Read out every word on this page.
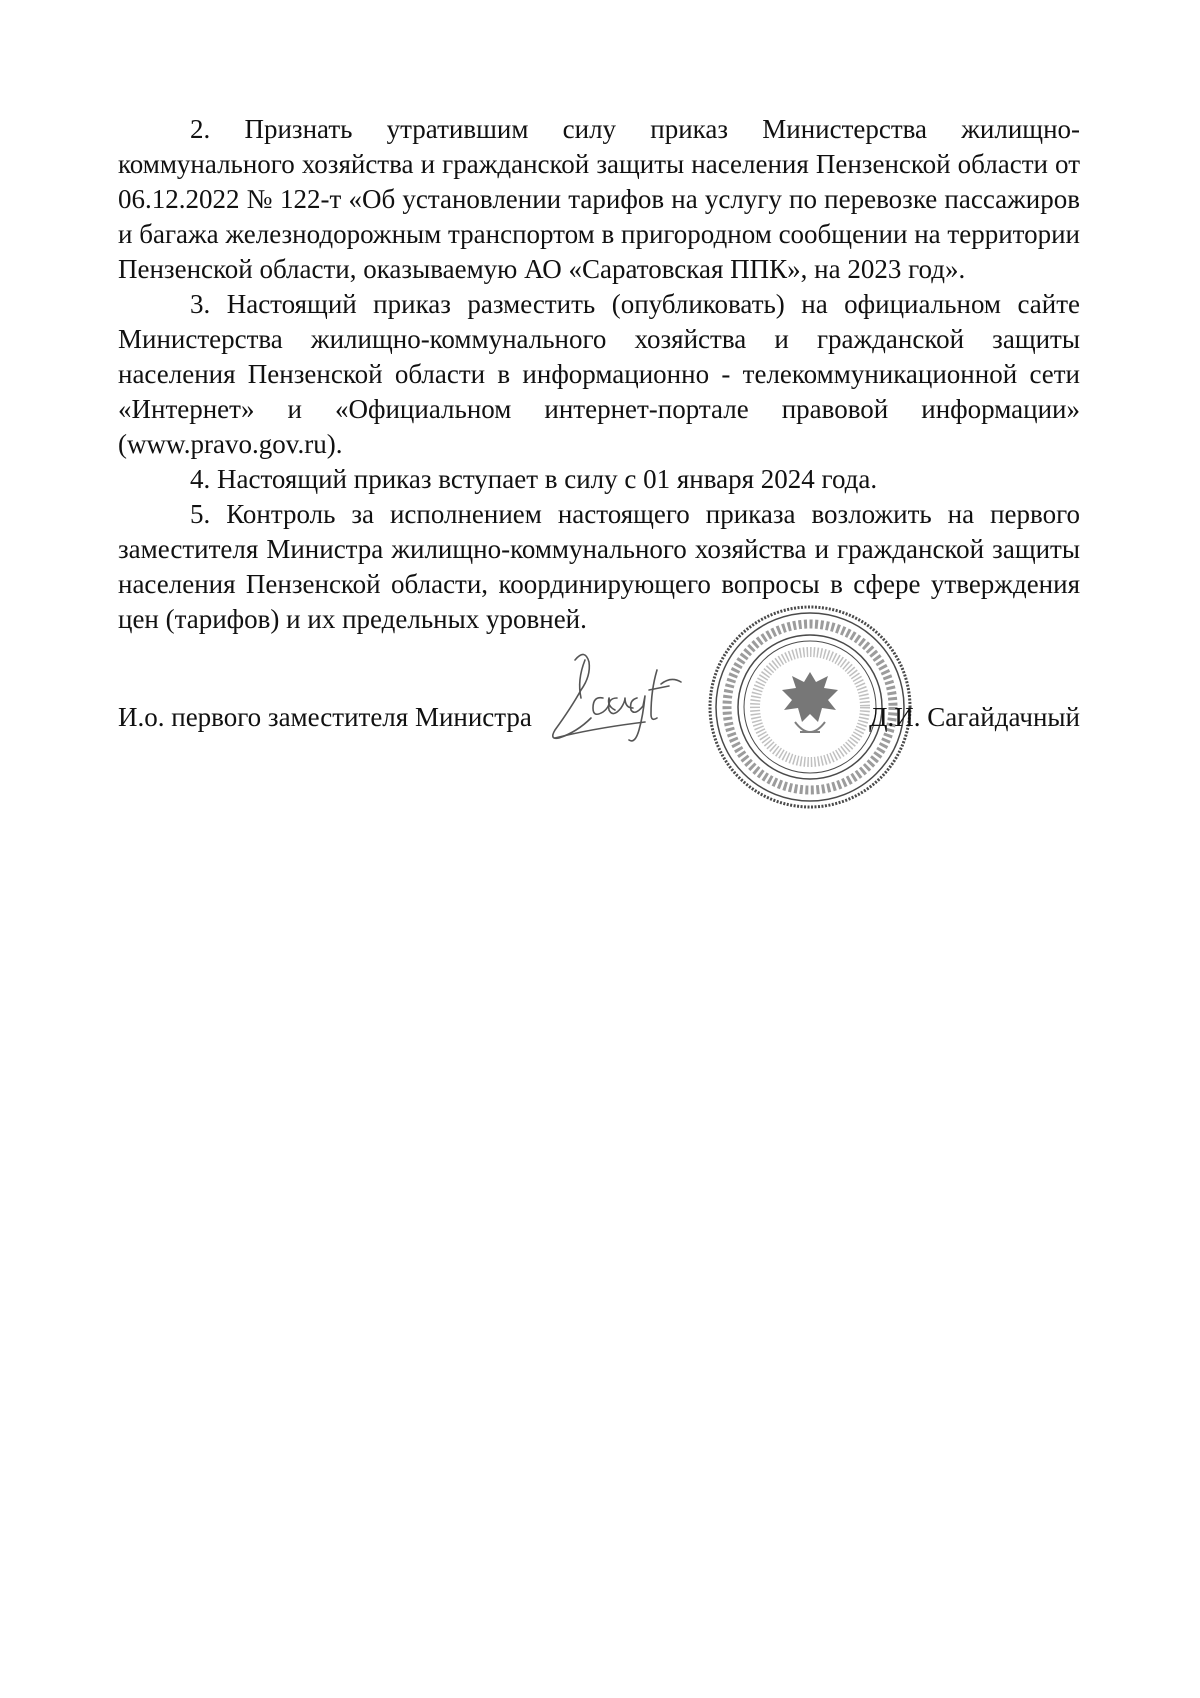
2. Признать утратившим силу приказ Министерства жилищно-коммунального хозяйства и гражданской защиты населения Пензенской области от 06.12.2022 № 122-т «Об установлении тарифов на услугу по перевозке пассажиров и багажа железнодорожным транспортом в пригородном сообщении на территории Пензенской области, оказываемую АО «Саратовская ППК», на 2023 год».

3. Настоящий приказ разместить (опубликовать) на официальном сайте Министерства жилищно-коммунального хозяйства и гражданской защиты населения Пензенской области в информационно - телекоммуникационной сети «Интернет» и «Официальном интернет-портале правовой информации» (www.pravo.gov.ru).

4. Настоящий приказ вступает в силу с 01 января 2024 года.

5. Контроль за исполнением настоящего приказа возложить на первого заместителя Министра жилищно-коммунального хозяйства и гражданской защиты населения Пензенской области, координирующего вопросы в сфере утверждения цен (тарифов) и их предельных уровней.

И.о. первого заместителя Министра	Д.И. Сагайдачный
